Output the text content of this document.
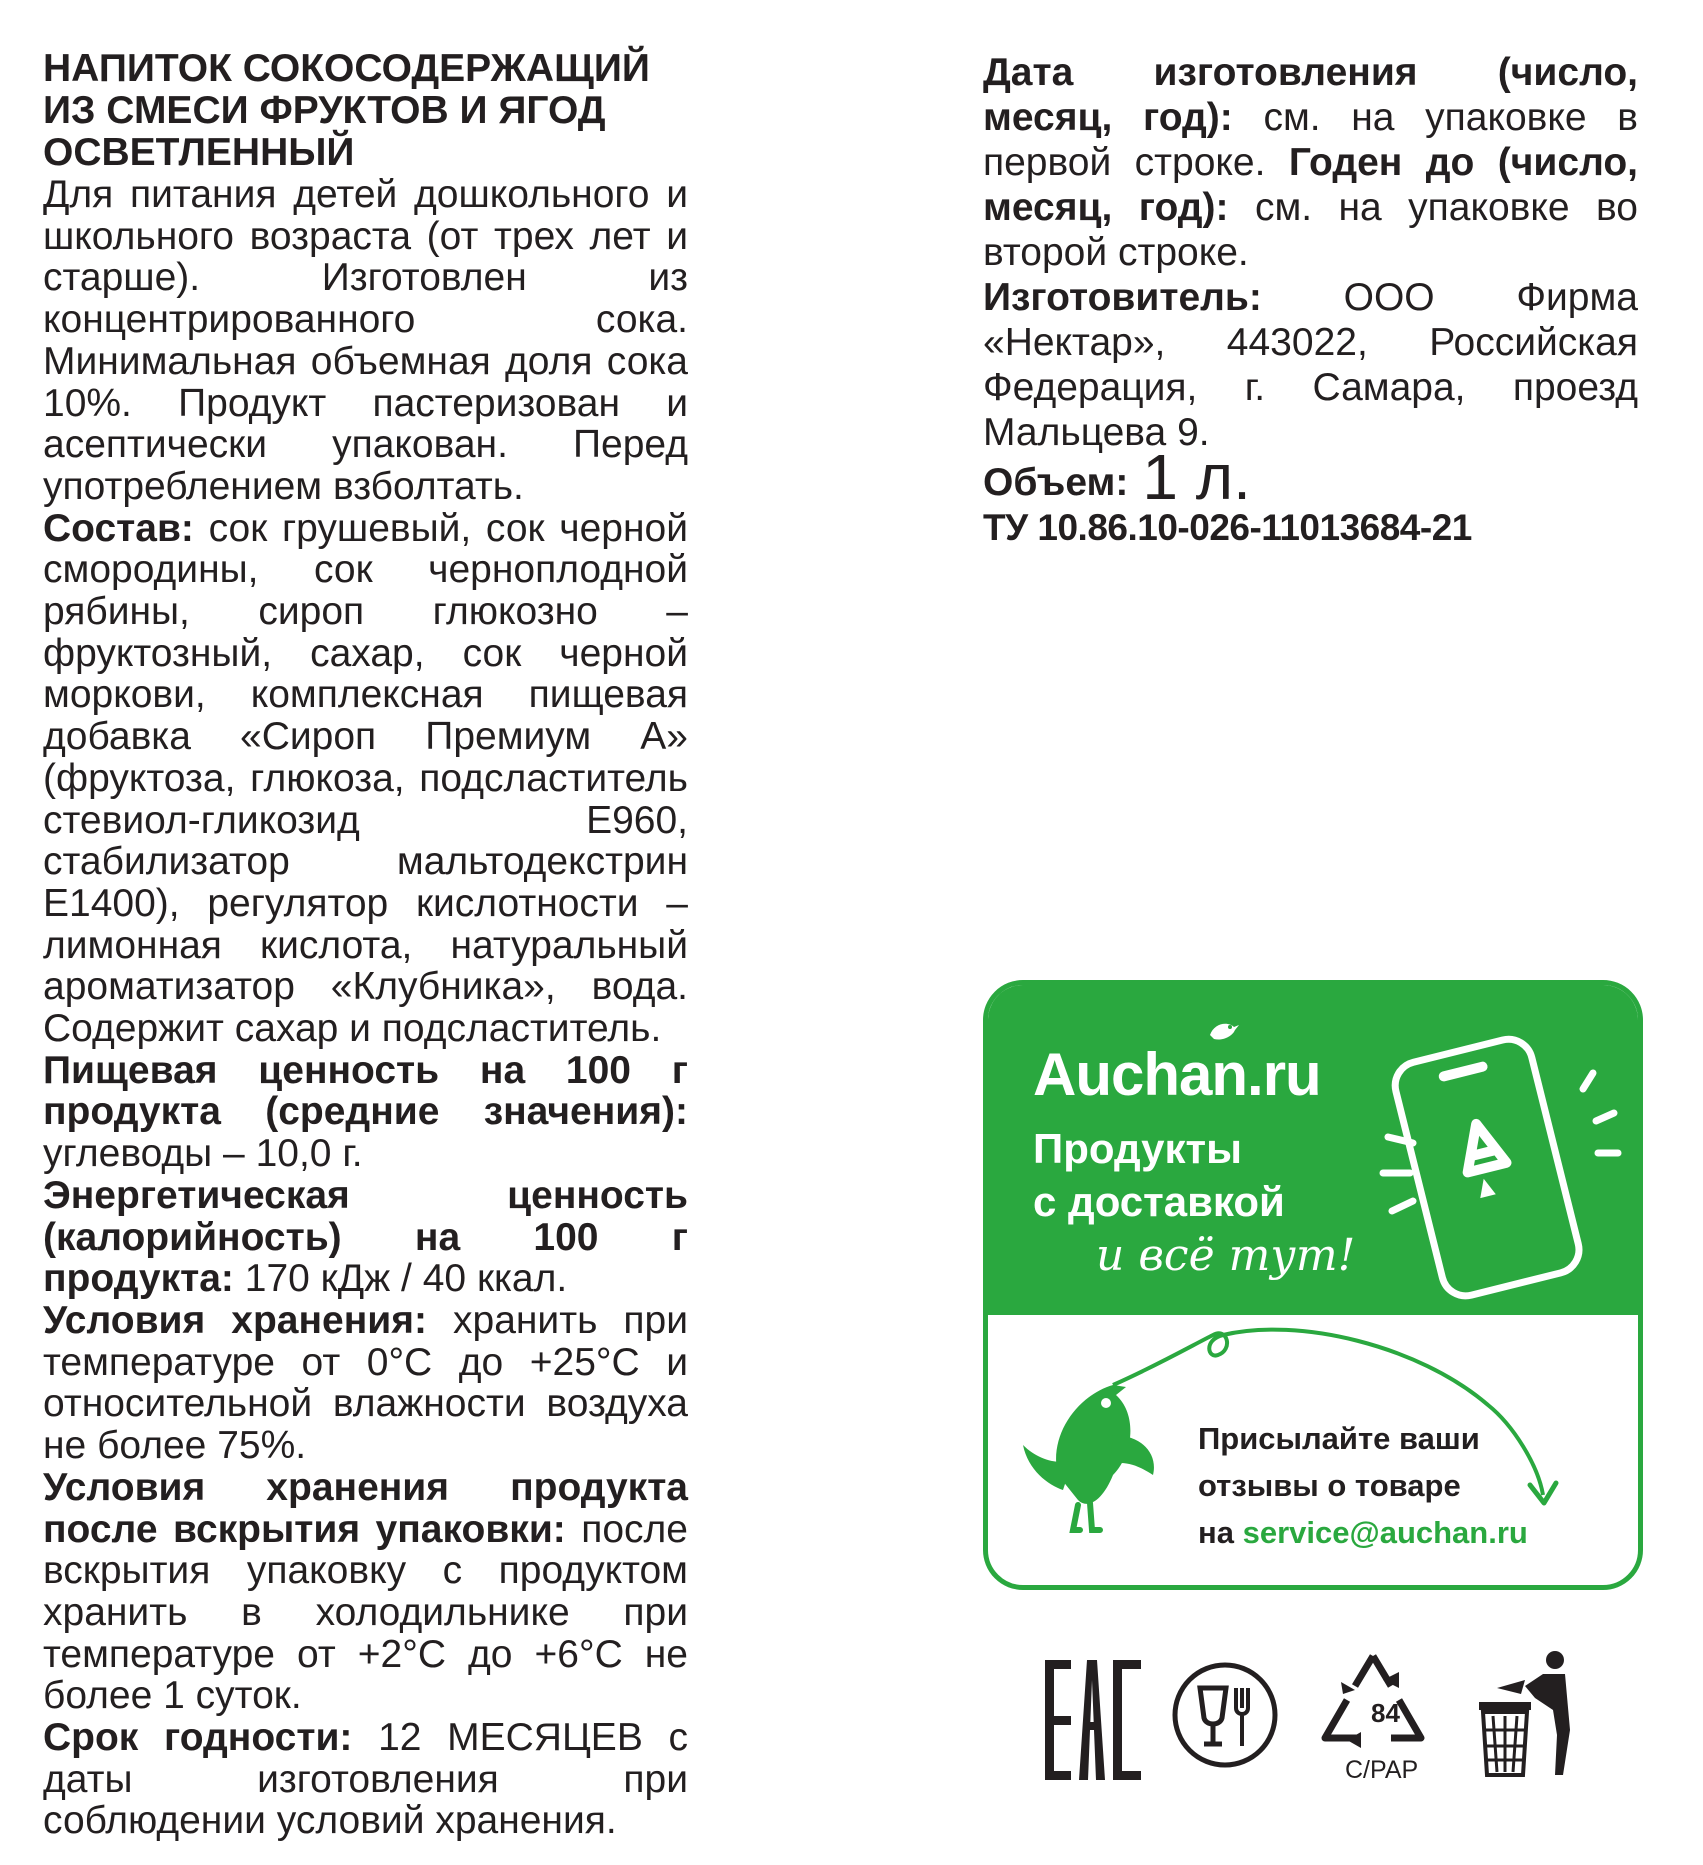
НАПИТОК СОКОСОДЕРЖАЩИЙ ИЗ СМЕСИ ФРУКТОВ И ЯГОД ОСВЕТЛЕННЫЙ

Для питания детей дошкольного и школьного возраста (от трех лет и старше). Изготовлен из концентрированного сока. Минимальная объемная доля сока 10%. Продукт пастеризован и асептически упакован. Перед употреблением взболтать.

Состав: сок грушевый, сок черной смородины, сок черноплодной рябины, сироп глюкозно – фруктозный, сахар, сок черной моркови, комплексная пищевая добавка «Сироп Премиум А» (фруктоза, глюкоза, подсластитель стевиол-гликозид Е960, стабилизатор мальтодекстрин Е1400), регулятор кислотности – лимонная кислота, натуральный ароматизатор «Клубника», вода. Содержит сахар и подсластитель.

Пищевая ценность на 100 г продукта (средние значения): углеводы – 10,0 г.

Энергетическая ценность (калорийность) на 100 г продукта: 170 кДж / 40 ккал.

Условия хранения: хранить при температуре от 0°С до +25°С и относительной влажности воздуха не более 75%.

Условия хранения продукта после вскрытия упаковки: после вскрытия упаковку с продуктом хранить в холодильнике при температуре от +2°С до +6°С не более 1 суток.

Срок годности: 12 МЕСЯЦЕВ с даты изготовления при соблюдении условий хранения.

Дата изготовления (число, месяц, год): см. на упаковке в первой строке. Годен до (число, месяц, год): см. на упаковке во второй строке.

Изготовитель: ООО Фирма «Нектар», 443022, Российская Федерация, г. Самара, проезд Мальцева 9.

Объем: 1 л.

ТУ 10.86.10-026-11013684-21

Auchan.ru
Продукты
с доставкой
и всё тут!
Присылайте ваши
отзывы о товаре
на service@auchan.ru
84
C/PAP
